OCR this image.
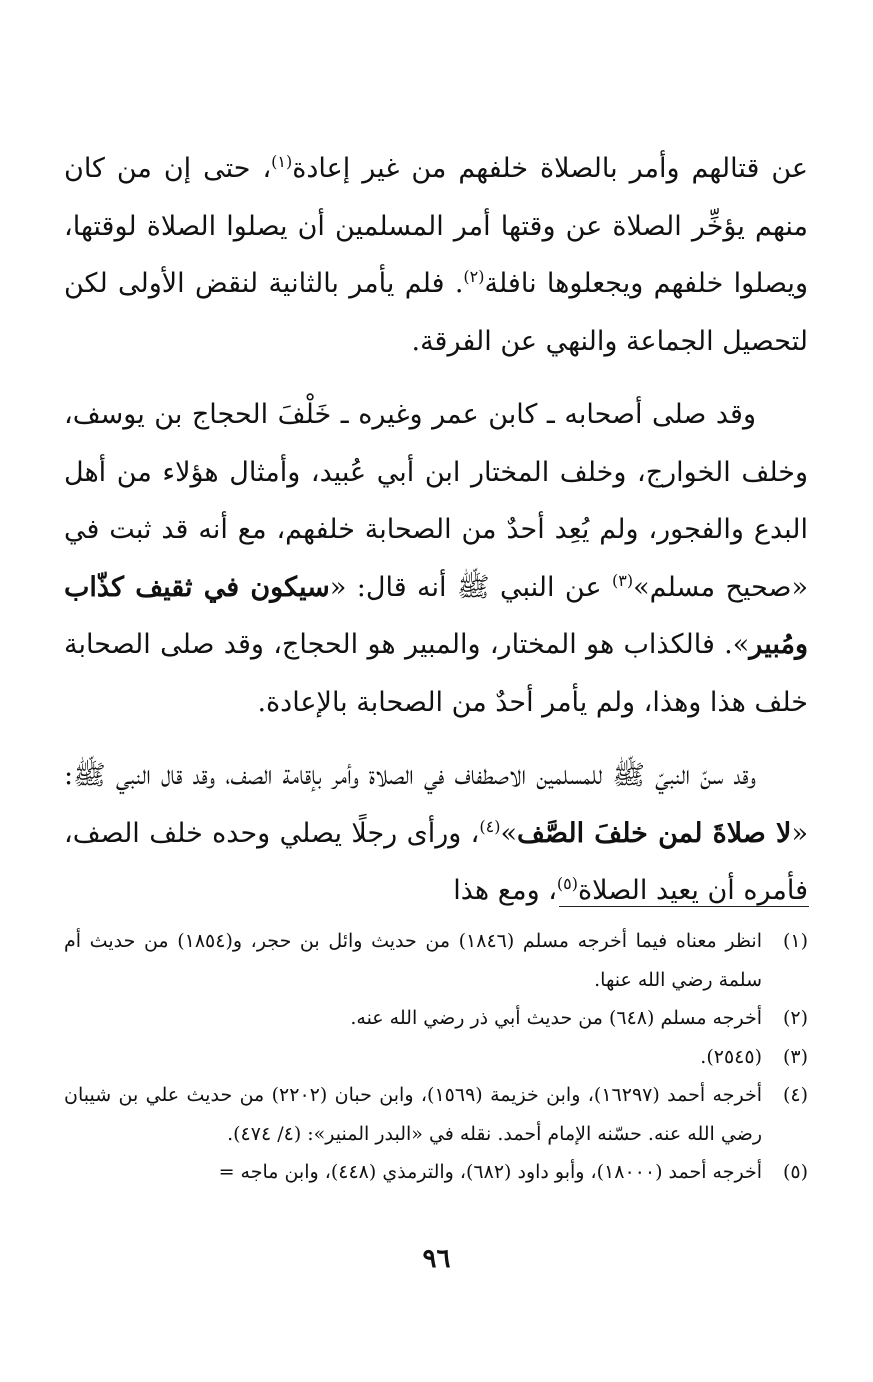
عن قتالهم وأمر بالصلاة خلفهم من غير إعادة$^{(١)}$، حتى إن من كان منهم يؤخِّر الصلاة عن وقتها أمر المسلمين أن يصلوا الصلاة لوقتها، ويصلوا خلفهم ويجعلوها نافلة$^{(٢)}$. فلم يأمر بالثانية لنقض الأولى لكن لتحصيل الجماعة والنهي عن الفرقة.

وقد صلى أصحابه ـ كابن عمر وغيره ـ خَلْفَ الحجاج بن يوسف، وخلف الخوارج، وخلف المختار ابن أبي عُبيد، وأمثال هؤلاء من أهل البدع والفجور، ولم يُعِد أحدٌ من الصحابة خلفهم، مع أنه قد ثبت في «صحيح مسلم»$^{(٣)}$ عن النبي ﷺ أنه قال: «سيكون في ثقيف كذّاب ومُبير». فالكذاب هو المختار، والمبير هو الحجاج، وقد صلى الصحابة خلف هذا وهذا، ولم يأمر أحدٌ من الصحابة بالإعادة.

وقد سنّ النبيّ ﷺ للمسلمين الاصطفاف في الصلاة وأمر بإقامة الصف، وقد قال النبي ﷺ: «لا صلاةَ لمن خلفَ الصَّف»$^{(٤)}$، ورأى رجلًا يصلي وحده خلف الصف، فأمره أن يعيد الصلاة$^{(٥)}$، ومع هذا

(١)
انظر معناه فيما أخرجه مسلم (١٨٤٦) من حديث وائل بن حجر، و(١٨٥٤) من حديث أم سلمة رضي الله عنها.
(٢)
أخرجه مسلم (٦٤٨) من حديث أبي ذر رضي الله عنه.
(٣)
(٢٥٤٥).
(٤)
أخرجه أحمد (١٦٢٩٧)، وابن خزيمة (١٥٦٩)، وابن حبان (٢٢٠٢) من حديث علي بن شيبان رضي الله عنه. حسّنه الإمام أحمد. نقله في «البدر المنير»: (٤/ ٤٧٤).
(٥)
أخرجه أحمد (١٨٠٠٠)، وأبو داود (٦٨٢)، والترمذي (٤٤٨)، وابن ماجه =
٩٦
